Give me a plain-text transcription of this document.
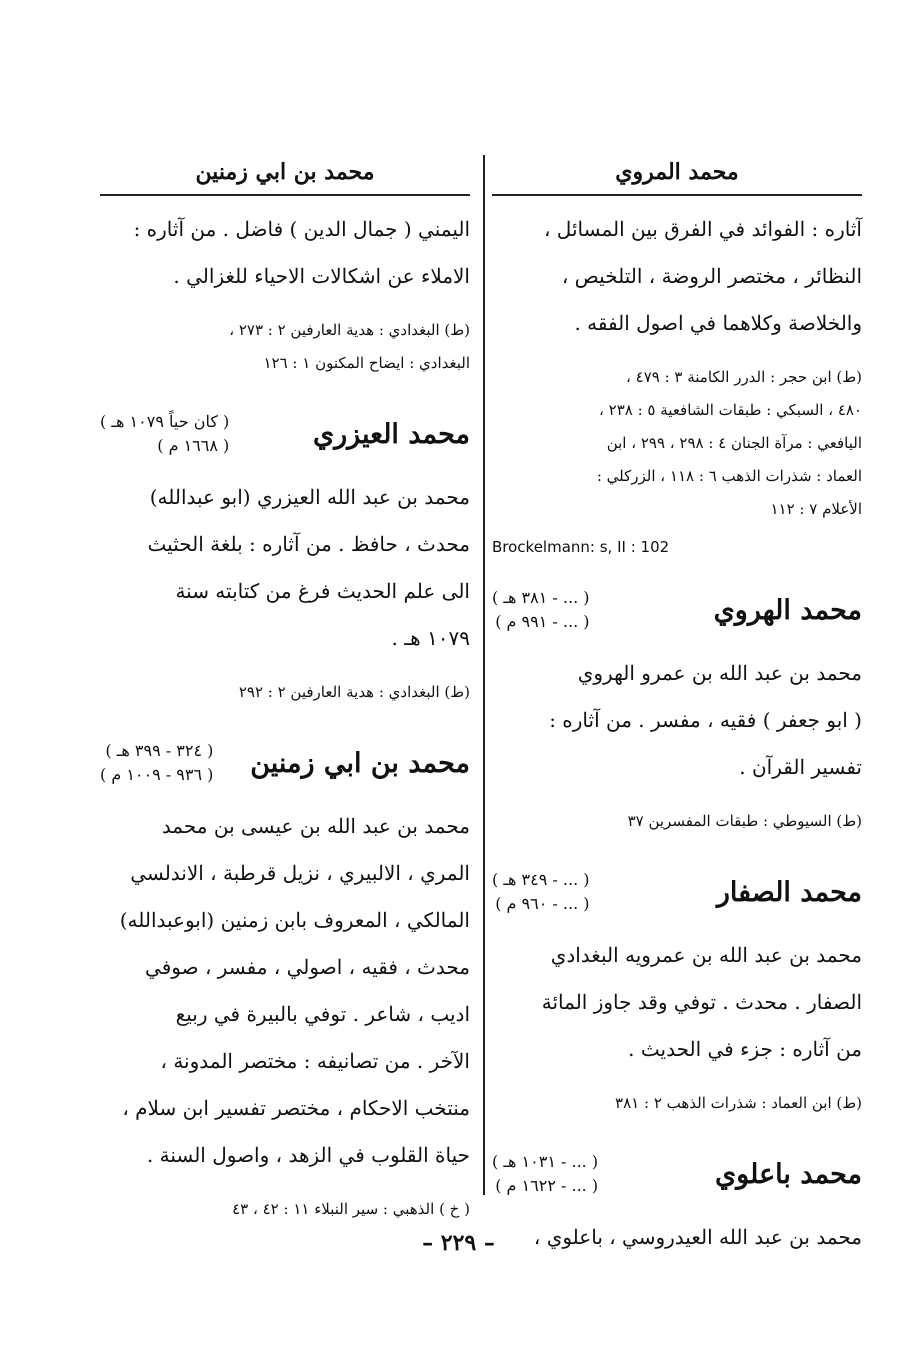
محمد المروي

آثاره : الفوائد في الفرق بين المسائل ،

النظائر ، مختصر الروضة ، التلخيص ،

والخلاصة وكلاهما في اصول الفقه .

(ط) ابن حجر : الدرر الكامنة ٣ : ٤٧٩ ،
٤٨٠ ، السبكي : طبقات الشافعية ٥ : ٢٣٨ ،
اليافعي : مرآة الجنان ٤ : ٢٩٨ ، ٢٩٩ ، ابن
العماد : شذرات الذهب ٦ : ١١٨ ، الزركلي :
الأعلام ٧ : ١١٢
Brockelmann: s, II : 102
محمد الهروي
( ... - ٣٨١ هـ )
( ... - ٩٩١ م )

محمد بن عبد الله بن عمرو الهروي

( ابو جعفر ) فقيه ، مفسر . من آثاره :

تفسير القرآن .

(ط) السيوطي : طبقات المفسرين ٣٧
محمد الصفار
( ... - ٣٤٩ هـ )
( ... - ٩٦٠ م )

محمد بن عبد الله بن عمرويه البغدادي

الصفار . محدث . توفي وقد جاوز المائة

من آثاره : جزء في الحديث .

(ط) ابن العماد : شذرات الذهب ٢ : ٣٨١
محمد باعلوي
( ... - ١٠٣١ هـ )
( ... - ١٦٢٢ م )

محمد بن عبد الله العيدروسي ، باعلوي ،

محمد بن ابي زمنين

اليمني ( جمال الدين ) فاضل . من آثاره :

الاملاء عن اشكالات الاحياء للغزالي .

(ط) البغدادي : هدية العارفين ٢ : ٢٧٣ ،
البغدادي : ايضاح المكنون ١ : ١٢٦
محمد العيزري
( كان حياً ١٠٧٩ هـ )
( ١٦٦٨ م )

محمد بن عبد الله العيزري (ابو عبدالله)

محدث ، حافظ . من آثاره : بلغة الحثيث

الى علم الحديث فرغ من كتابته سنة

١٠٧٩ هـ .

(ط) البغدادي : هدية العارفين ٢ : ٢٩٢
محمد بن ابي زمنين
( ٣٢٤ - ٣٩٩ هـ )
( ٩٣٦ - ١٠٠٩ م )

محمد بن عبد الله بن عيسى بن محمد

المري ، الالبيري ، نزيل قرطبة ، الاندلسي

المالكي ، المعروف بابن زمنين (ابوعبدالله)

محدث ، فقيه ، اصولي ، مفسر ، صوفي

اديب ، شاعر . توفي بالبيرة في ربيع

الآخر . من تصانيفه : مختصر المدونة ،

منتخب الاحكام ، مختصر تفسير ابن سلام ،

حياة القلوب في الزهد ، واصول السنة .

( خ ) الذهبي : سير النبلاء ١١ : ٤٢ ، ٤٣
– ٢٢٩ –
